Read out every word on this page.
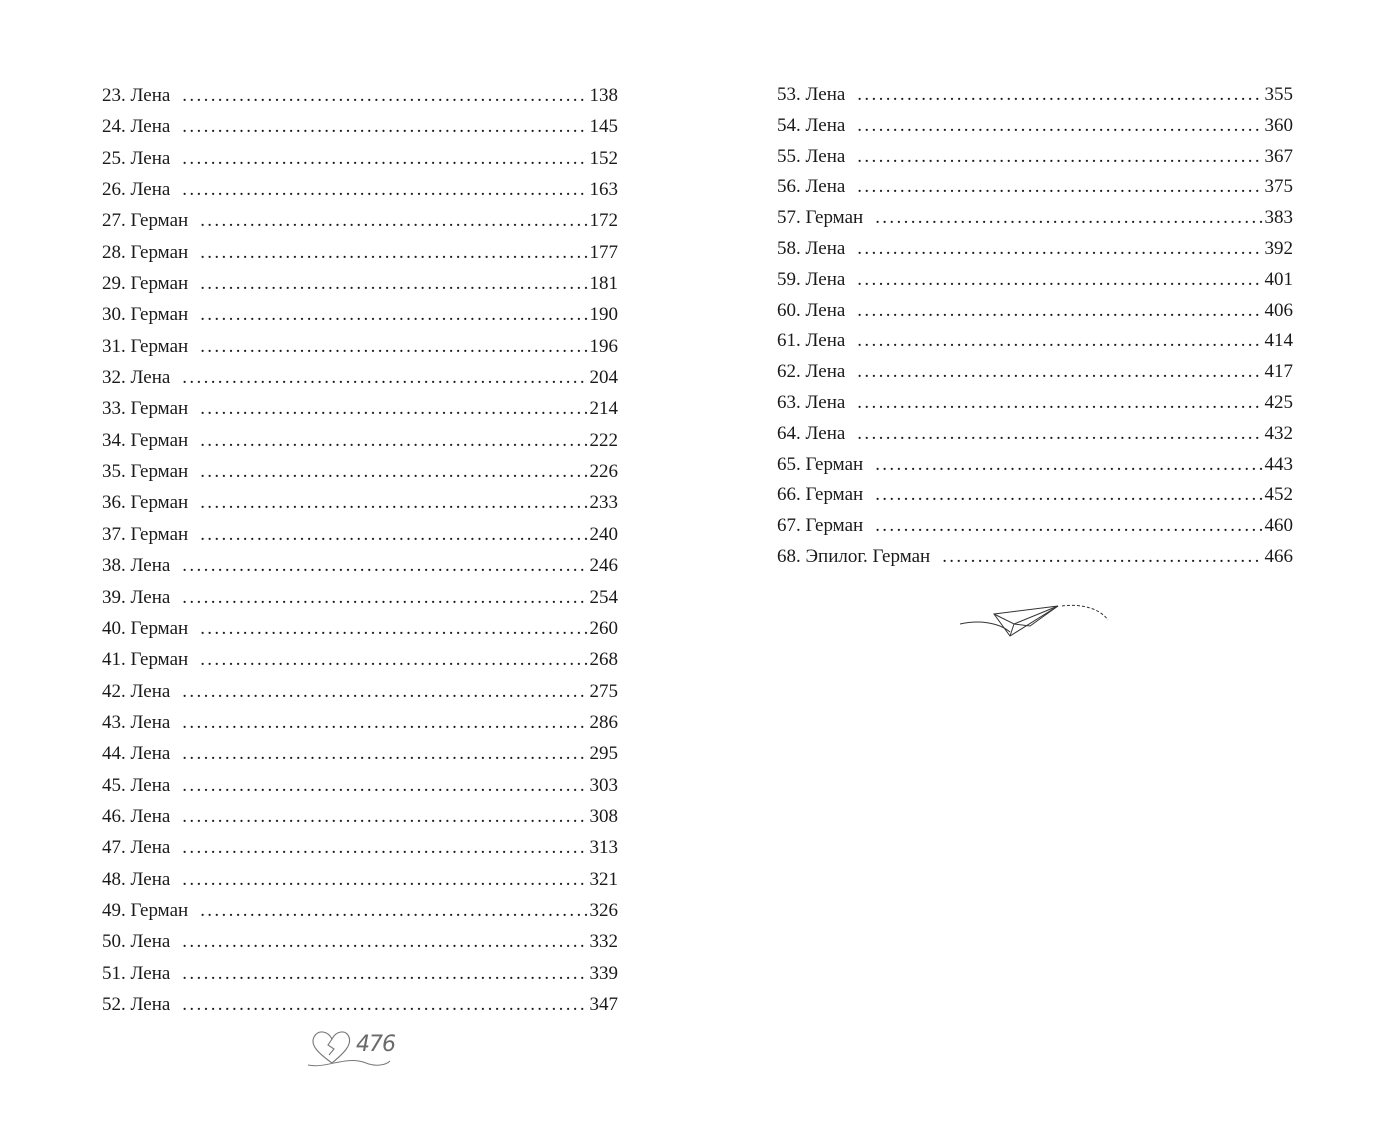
23. Лена . . .	138
24. Лена . . .	145
25. Лена . . .	152
26. Лена . . .	163
27. Герман . . .	172
28. Герман . . .	177
29. Герман . . .	181
30. Герман . . .	190
31. Герман . . .	196
32. Лена . . .	204
33. Герман . . .	214
34. Герман . . .	222
35. Герман . . .	226
36. Герман . . .	233
37. Герман . . .	240
38. Лена . . .	246
39. Лена . . .	254
40. Герман . . .	260
41. Герман . . .	268
42. Лена . . .	275
43. Лена . . .	286
44. Лена . . .	295
45. Лена . . .	303
46. Лена . . .	308
47. Лена . . .	313
48. Лена . . .	321
49. Герман . . .	326
50. Лена . . .	332
51. Лена . . .	339
52. Лена . . .	347
53. Лена . . .	355
54. Лена . . .	360
55. Лена . . .	367
56. Лена . . .	375
57. Герман . . .	383
58. Лена . . .	392
59. Лена . . .	401
60. Лена . . .	406
61. Лена . . .	414
62. Лена . . .	417
63. Лена . . .	425
64. Лена . . .	432
65. Герман . . .	443
66. Герман . . .	452
67. Герман . . .	460
68. Эпилог. Герман . . .	466
476
